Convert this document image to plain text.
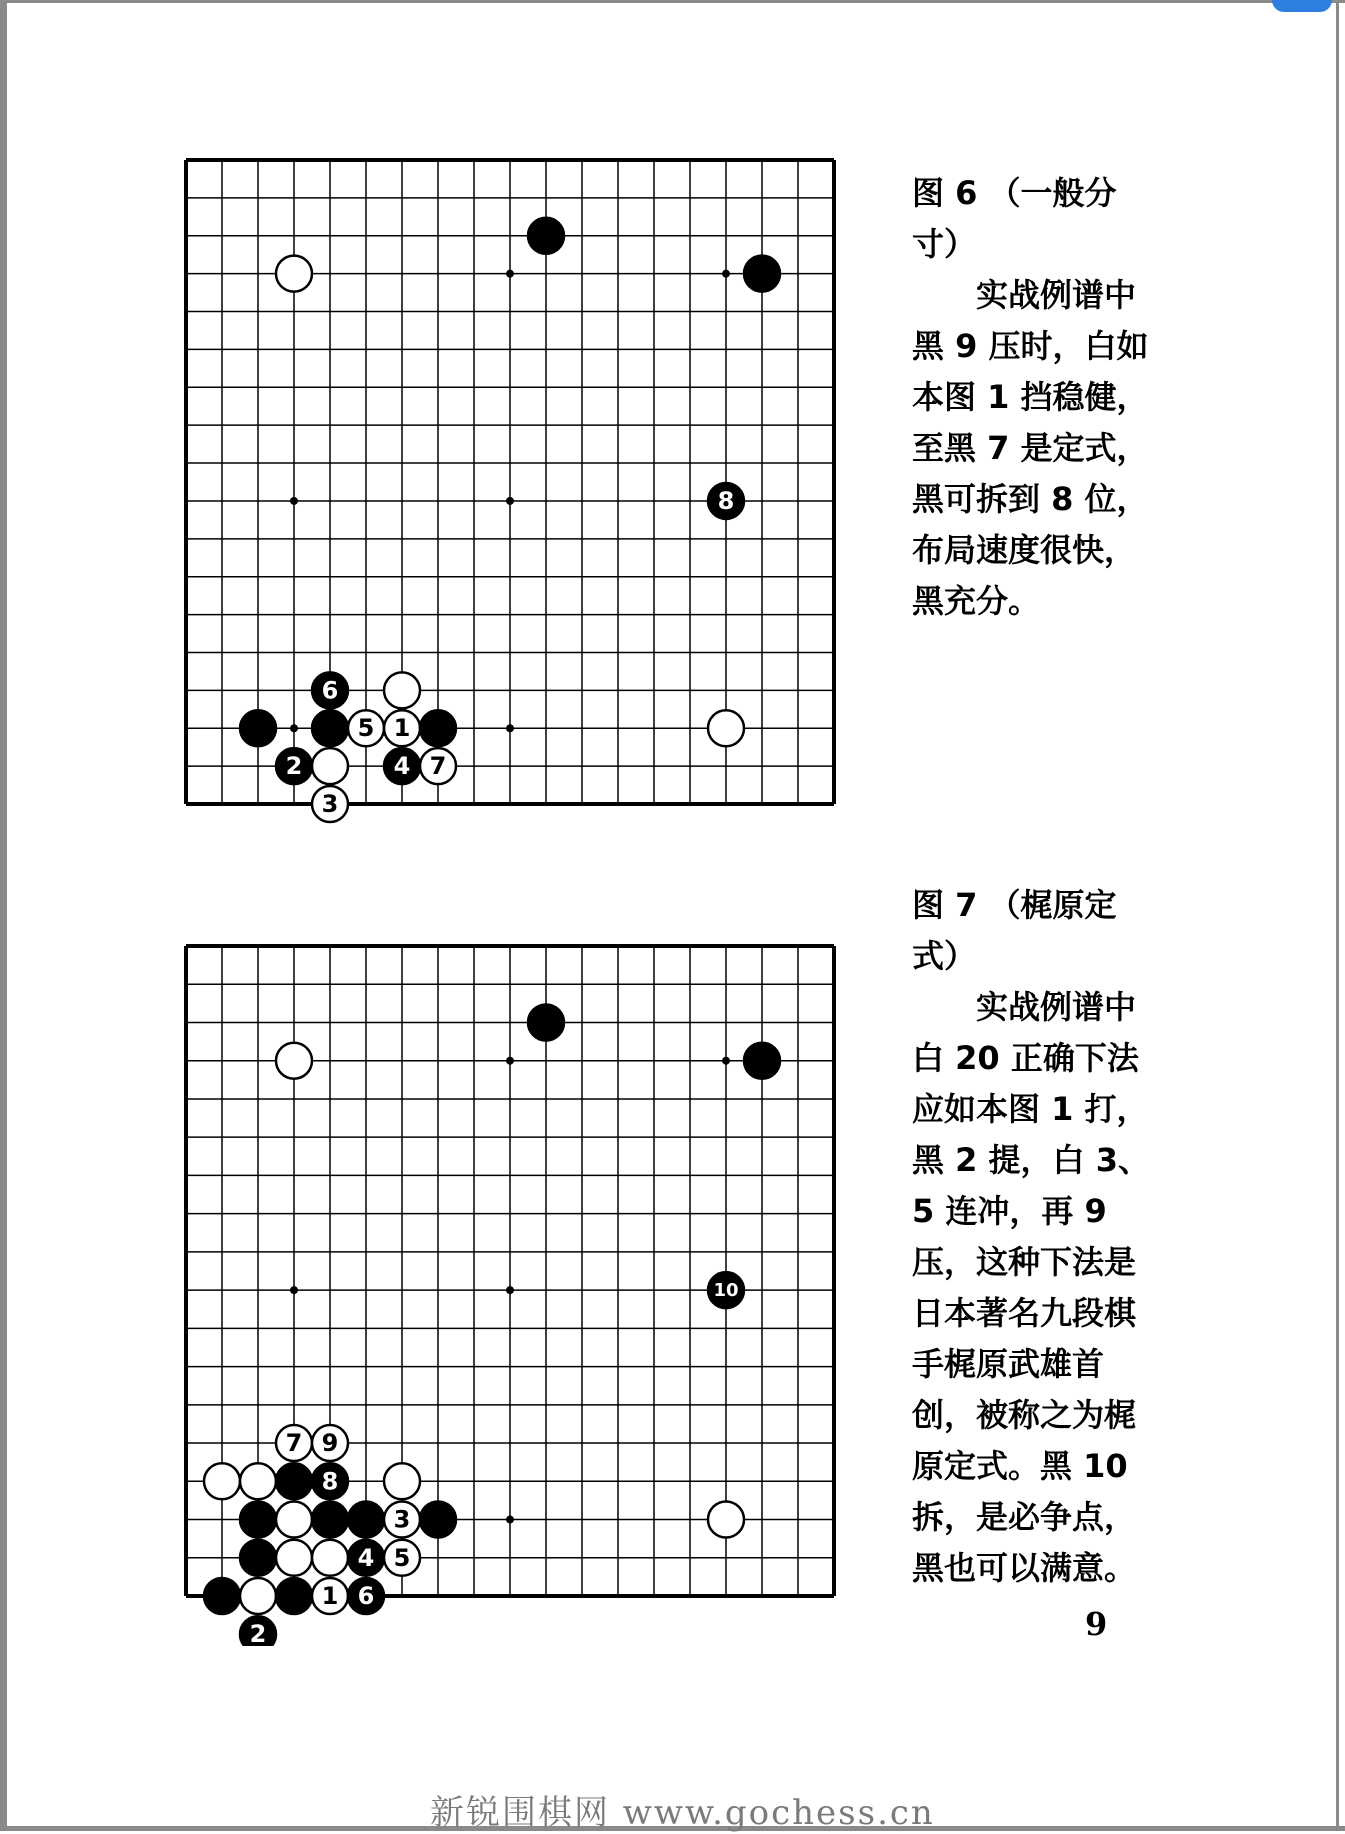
8
6
5 1
2	4 7
3
图 6 （一般分寸）
实战例谱中黑 9 压时，白如本图 1 挡稳健，至黑 7 是定式，黑可拆到 8 位，布局速度很快，黑充分。
10
7 9
8
3
4 5
1 6
2
图 7 （梶原定式）
实战例谱中白 20 正确下法应如本图 1 打，黑 2 提，白 3、5 连冲，再 9 压，这种下法是日本著名九段棋手梶原武雄首创，被称之为梶原定式。黑 10 拆，是必争点，黑也可以满意。
9
新锐围棋网 www.gochess.cn
